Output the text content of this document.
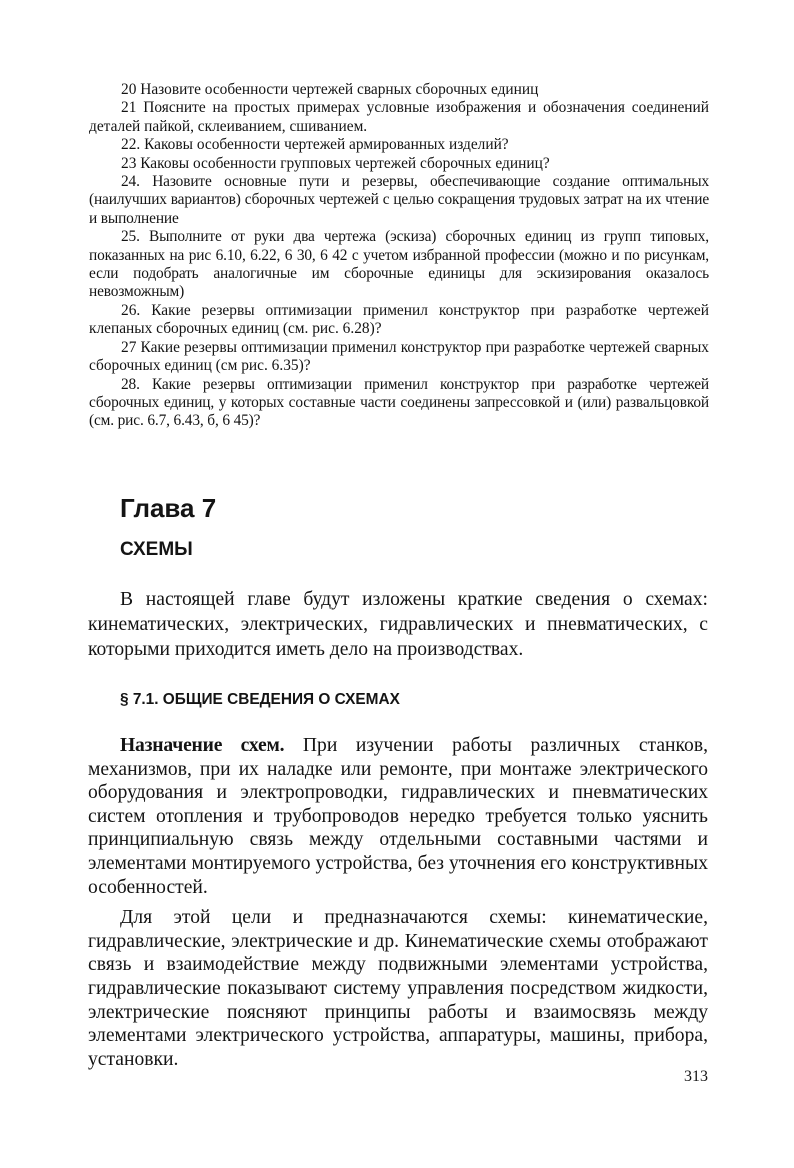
20 Назовите особенности чертежей сварных сборочных единиц

21 Поясните на простых примерах условные изображения и обозначения соединений деталей пайкой, склеиванием, сшиванием.

22. Каковы особенности чертежей армированных изделий?

23 Каковы особенности групповых чертежей сборочных единиц?

24. Назовите основные пути и резервы, обеспечивающие создание оптимальных (наилучших вариантов) сборочных чертежей с целью сокращения трудовых затрат на их чтение и выполнение

25. Выполните от руки два чертежа (эскиза) сборочных единиц из групп типовых, показанных на рис 6.10, 6.22, 6 30, 6 42 с учетом избранной профессии (можно и по рисункам, если подобрать аналогичные им сборочные единицы для эскизирования оказалось невозможным)

26. Какие резервы оптимизации применил конструктор при разработке чертежей клепаных сборочных единиц (см. рис. 6.28)?

27 Какие резервы оптимизации применил конструктор при разработке чертежей сварных сборочных единиц (см рис. 6.35)?

28. Какие резервы оптимизации применил конструктор при разработке чертежей сборочных единиц, у которых составные части соединены запрессовкой и (или) развальцовкой (см. рис. 6.7, 6.43, б, 6 45)?

Глава 7
СХЕМЫ

В настоящей главе будут изложены краткие сведения о схемах: кинематических, электрических, гидравлических и пневматических, с которыми приходится иметь дело на производствах.

§ 7.1. ОБЩИЕ СВЕДЕНИЯ О СХЕМАХ

Назначение схем. При изучении работы различных станков, механизмов, при их наладке или ремонте, при монтаже электрического оборудования и электропроводки, гидравлических и пневматических систем отопления и трубопроводов нередко требуется только уяснить принципиальную связь между отдельными составными частями и элементами монтируемого устройства, без уточнения его конструктивных особенностей.

Для этой цели и предназначаются схемы: кинематические, гидравлические, электрические и др. Кинематические схемы отображают связь и взаимодействие между подвижными элементами устройства, гидравлические показывают систему управления посредством жидкости, электрические поясняют принципы работы и взаимосвязь между элементами электрического устройства, аппаратуры, машины, прибора, установки.

313
